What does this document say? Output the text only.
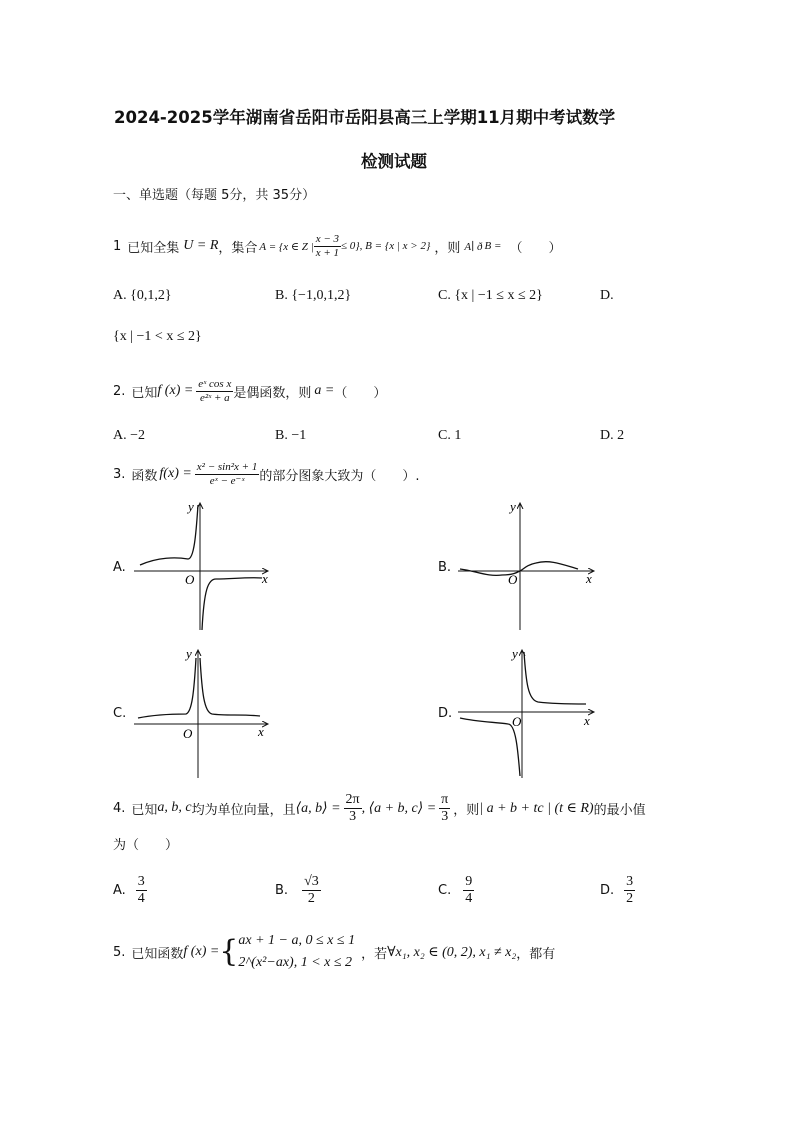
2024-2025学年湖南省岳阳市岳阳县高三上学期11月期中考试数学
检测试题
一、单选题（每题 5分，共 35分）
1 已知全集 U = R ，集合 A = {x ∈ Z | $\frac{x - 3}{x + 1} \le 0$}, B = {x | x > 2} ，则 A∣ ð B = （　　）
A. {0,1,2}	B. {−1,0,1,2}	C. {x | −1 ≤ x ≤ 2}	D.
{x | −1 < x ≤ 2}
2. 已知 f $(x) = \frac{\text{eˣ cos x}}{\text{e²ˣ + a}}$ 是偶函数，则 a = （　　）
A. −2	B. −1	C. 1	D. 2
3. 函数 $f(x) = \frac{\text{x² − sin²x + 1}}{\text{eˣ − e⁻ˣ}}$ 的部分图象大致为（　　）.
A.	B.
C.	D.
x
y
O	x
y
O
x
y
O
x
y
O
4. 已知 a, b, c 均为单位向量，且 ⟨a, b⟩ = $\frac{2\pi}{3}$ , ⟨a + b, c⟩ = $\frac{\pi}{3}$ ，则 | a + b + tc | (t ∈ R) 的最小值
为（　　）
A. $\frac{3}{4}$	B. $\frac{√3}{2}$	C. $\frac{9}{4}$	D. $\frac{3}{2}$
5. 已知函数 f (x) = { ax + 1 − a, 0 ≤ x ≤ 1
2^(x²−ax), 1 < x ≤ 2
，若 ∀x₁, x₂ ∈ (0, 2), x₁ ≠ x₂ ，都有
